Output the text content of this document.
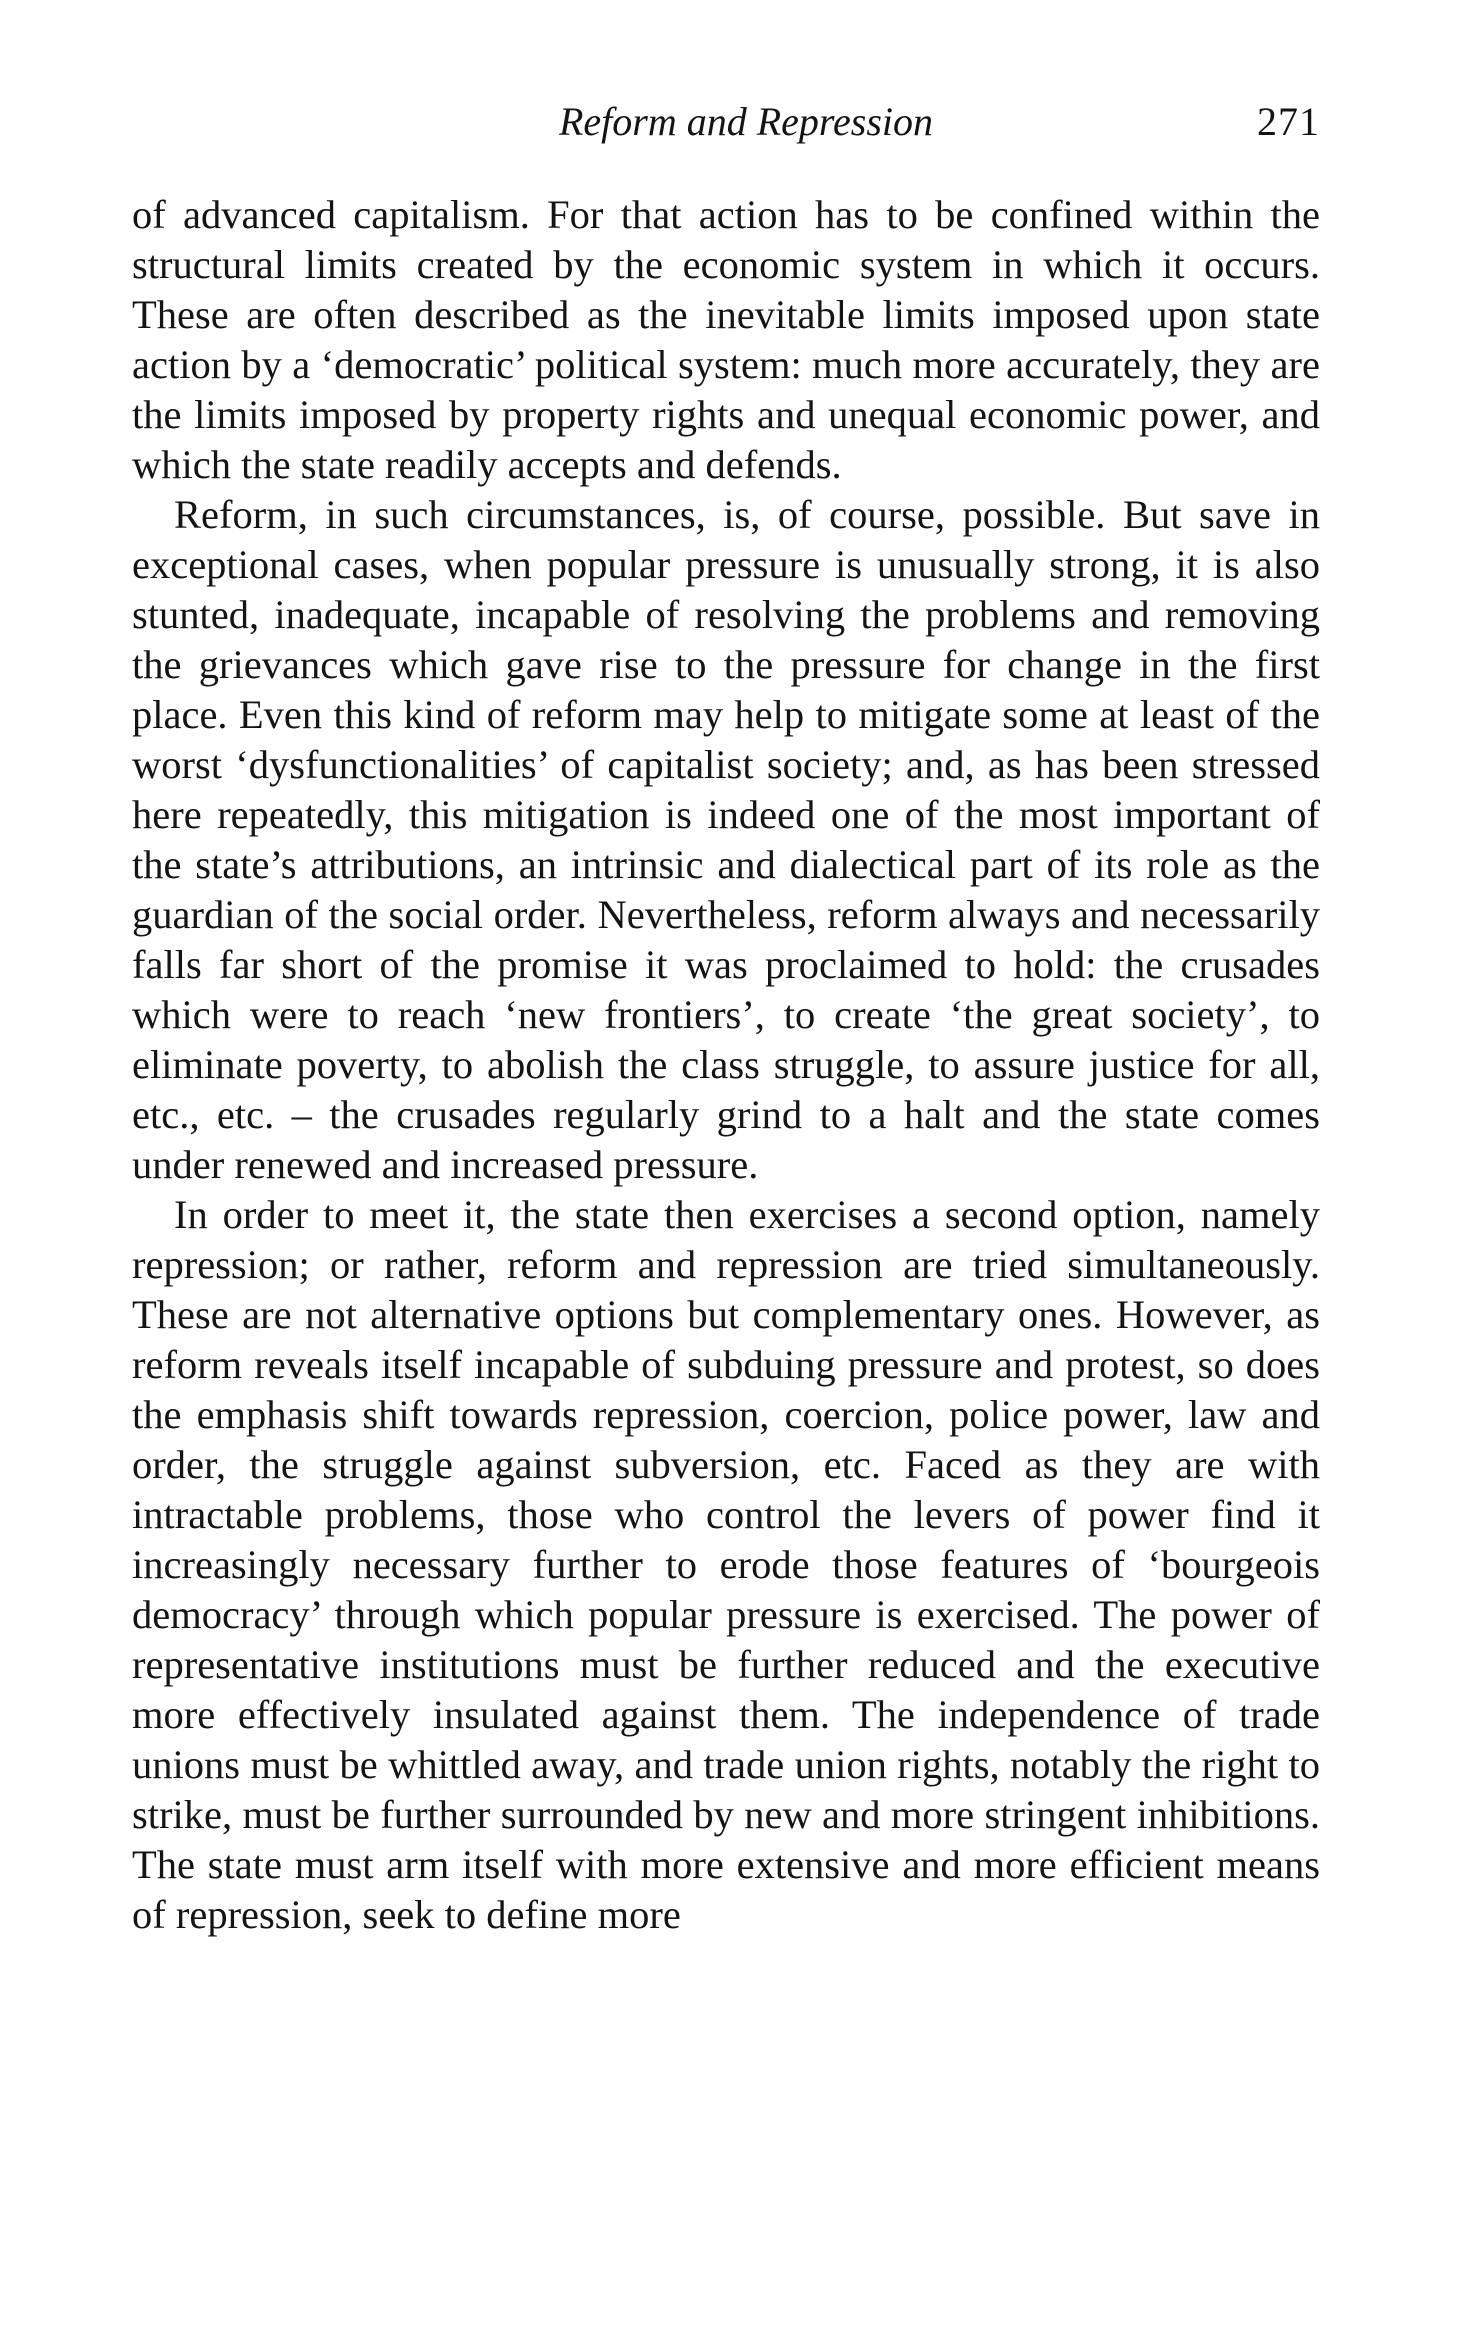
Reform and Repression	271

of advanced capitalism. For that action has to be confined within the structural limits created by the economic system in which it occurs. These are often described as the inevitable limits imposed upon state action by a ‘democratic’ political system: much more accurately, they are the limits imposed by property rights and unequal economic power, and which the state readily accepts and defends.

Reform, in such circumstances, is, of course, possible. But save in exceptional cases, when popular pressure is unusually strong, it is also stunted, inadequate, incapable of resolving the problems and removing the grievances which gave rise to the pressure for change in the first place. Even this kind of reform may help to mitigate some at least of the worst ‘dysfunctionalities’ of capitalist society; and, as has been stressed here repeatedly, this mitigation is indeed one of the most important of the state’s attributions, an intrinsic and dialectical part of its role as the guardian of the social order. Nevertheless, reform always and necessarily falls far short of the promise it was proclaimed to hold: the crusades which were to reach ‘new frontiers’, to create ‘the great society’, to eliminate poverty, to abolish the class struggle, to assure justice for all, etc., etc. – the crusades regularly grind to a halt and the state comes under renewed and increased pressure.

In order to meet it, the state then exercises a second option, namely repression; or rather, reform and repression are tried simultaneously. These are not alternative options but complementary ones. However, as reform reveals itself incapable of subduing pressure and protest, so does the emphasis shift towards repression, coercion, police power, law and order, the struggle against subversion, etc. Faced as they are with intractable problems, those who control the levers of power find it increasingly necessary further to erode those features of ‘bourgeois democracy’ through which popular pressure is exercised. The power of representative institutions must be further reduced and the executive more effectively insulated against them. The independence of trade unions must be whittled away, and trade union rights, notably the right to strike, must be further surrounded by new and more stringent inhibitions. The state must arm itself with more extensive and more efficient means of repression, seek to define more
